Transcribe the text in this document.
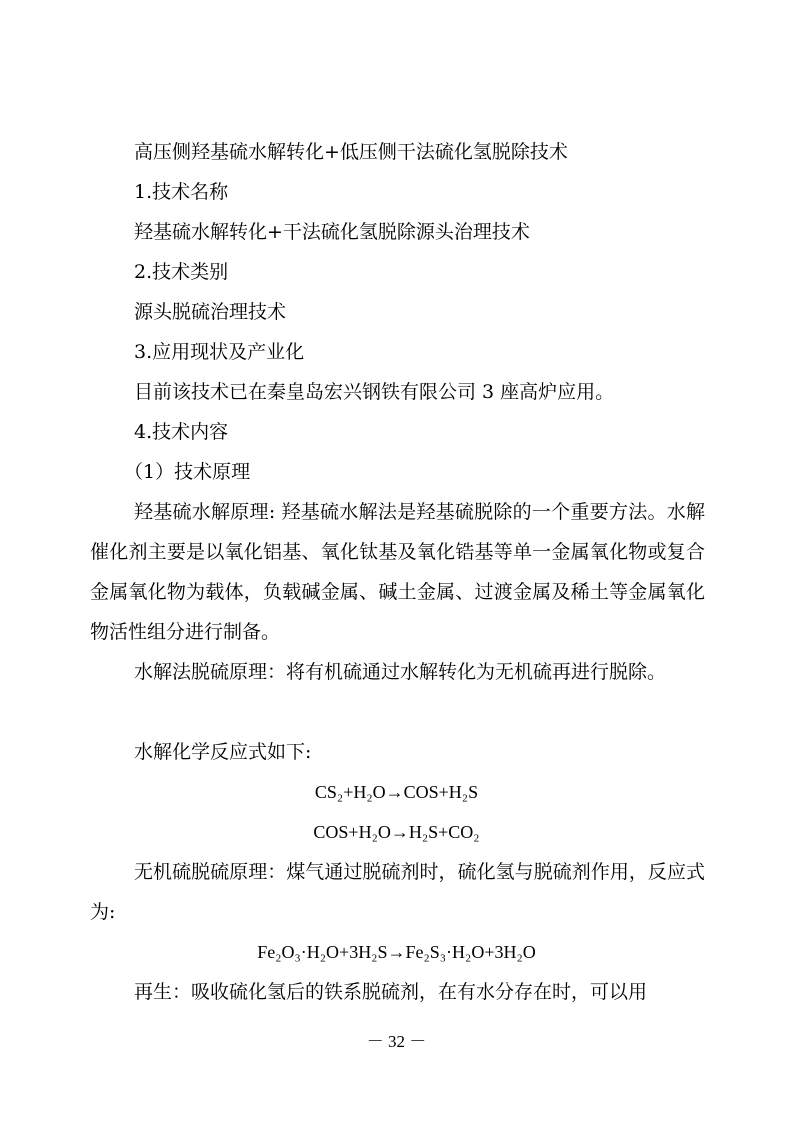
高压侧羟基硫水解转化+低压侧干法硫化氢脱除技术
1.技术名称
羟基硫水解转化+干法硫化氢脱除源头治理技术
2.技术类别
源头脱硫治理技术
3.应用现状及产业化
目前该技术已在秦皇岛宏兴钢铁有限公司 3 座高炉应用。
4.技术内容
（1）技术原理
羟基硫水解原理: 羟基硫水解法是羟基硫脱除的一个重要方法。水解催化剂主要是以氧化铝基、氧化钛基及氧化锆基等单一金属氧化物或复合金属氧化物为载体，负载碱金属、碱土金属、过渡金属及稀土等金属氧化物活性组分进行制备。
水解法脱硫原理：将有机硫通过水解转化为无机硫再进行脱除。
水解化学反应式如下:
CS₂+H₂O→COS+H₂S
COS+H₂O→H₂S+CO₂
无机硫脱硫原理：煤气通过脱硫剂时，硫化氢与脱硫剂作用，反应式为:
Fe₂O₃·H₂O+3H₂S→Fe₂S₃·H₂O+3H₂O
再生：吸收硫化氢后的铁系脱硫剂，在有水分存在时，可以用
－ 32 －
